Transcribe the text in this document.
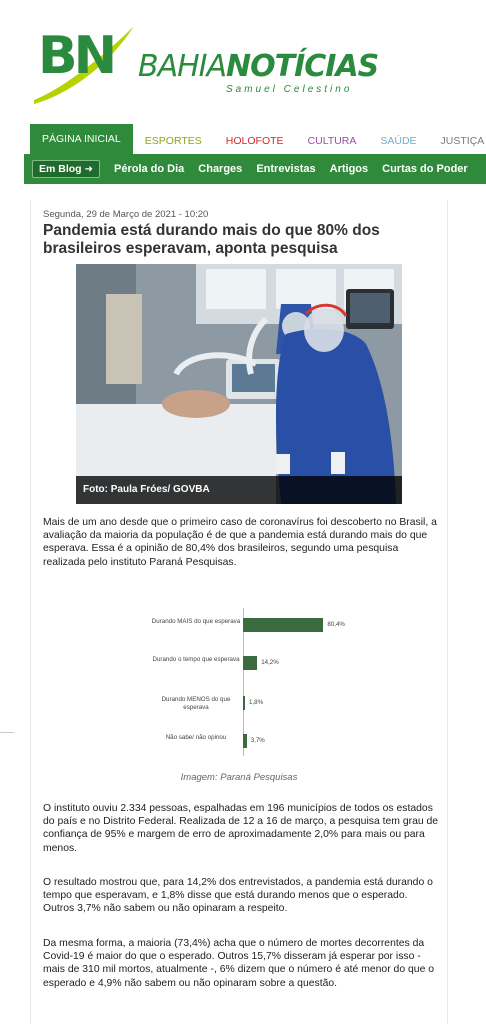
BN BAHIANOTÍCIAS
Samuel Celestino
PÁGINA INICIAL	ESPORTES	HOLOFOTE	CULTURA	SAÚDE	JUSTIÇA
Em Blog ➜ Pérola do Dia Charges Entrevistas Artigos Curtas do Poder
Segunda, 29 de Março de 2021 - 10:20
Pandemia está durando mais do que 80% dos brasileiros esperavam, aponta pesquisa
Foto: Paula Fróes/ GOVBA

Mais de um ano desde que o primeiro caso de coronavírus foi descoberto no Brasil, a avaliação da maioria da população é de que a pandemia está durando mais do que esperava. Essa é a opinião de 80,4% dos brasileiros, segundo uma pesquisa realizada pelo instituto Paraná Pesquisas.

Durando MAIS do que esperava	80,4%
Durando o tempo que esperava	14,2%
Durando MENOS do que esperava
1,8%
Não sabe/ não opinou	3,7%
Imagem: Paraná Pesquisas

O instituto ouviu 2.334 pessoas, espalhadas em 196 municípios de todos os estados do país e no Distrito Federal. Realizada de 12 a 16 de março, a pesquisa tem grau de confiança de 95% e margem de erro de aproximadamente 2,0% para mais ou para menos.

O resultado mostrou que, para 14,2% dos entrevistados, a pandemia está durando o tempo que esperavam, e 1,8% disse que está durando menos que o esperado. Outros 3,7% não sabem ou não opinaram a respeito.

Da mesma forma, a maioria (73,4%) acha que o número de mortes decorrentes da Covid-19 é maior do que o esperado. Outros 15,7% disseram já esperar por isso - mais de 310 mil mortos, atualmente -, 6% dizem que o número é até menor do que o esperado e 4,9% não sabem ou não opinaram sobre a questão.
